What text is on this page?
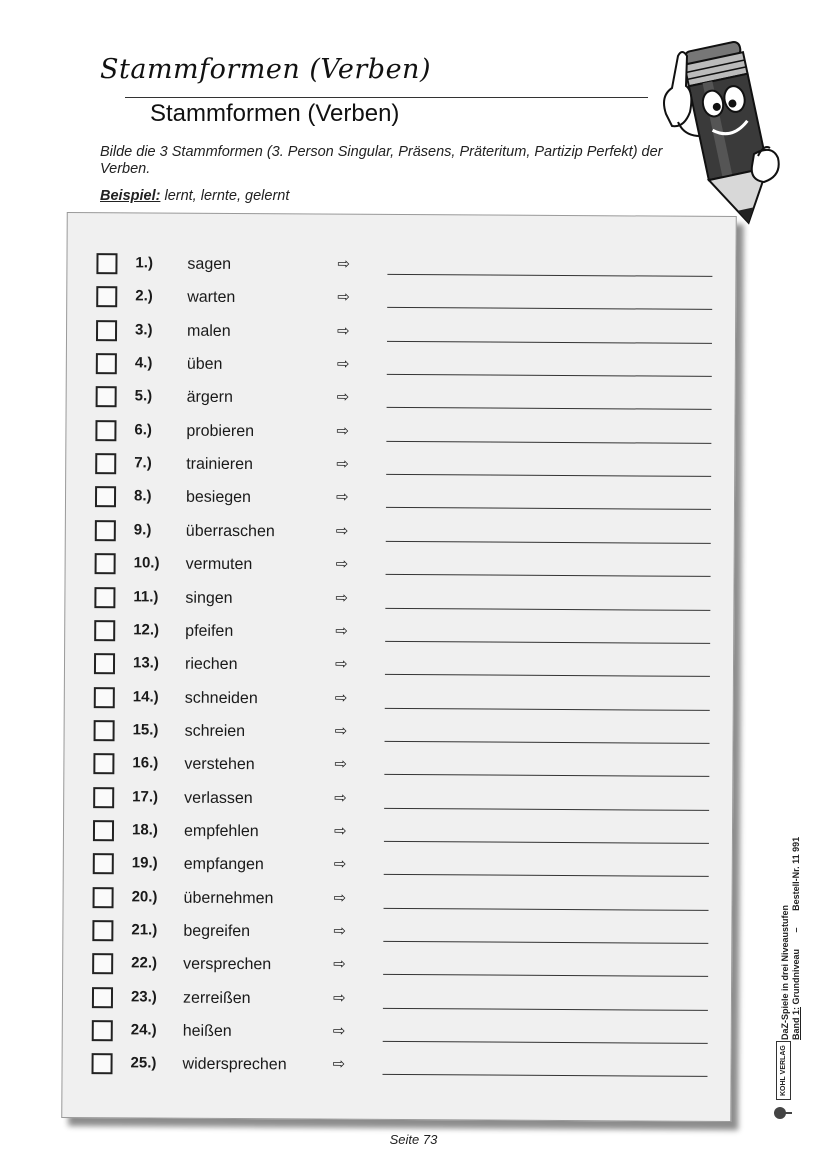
Stammformen (Verben)
Stammformen (Verben)
Bilde die 3 Stammformen (3. Person Singular, Präsens, Präteritum, Partizip Perfekt) der Verben.
Beispiel: lernt, lernte, gelernt
1.) sagen	⇨
2.) warten	⇨
3.) malen	⇨
4.) üben	⇨
5.) ärgern	⇨
6.) probieren	⇨
7.) trainieren	⇨
8.) besiegen	⇨
9.) überraschen	⇨
10.) vermuten	⇨
11.) singen	⇨
12.) pfeifen	⇨
13.) riechen	⇨
14.) schneiden	⇨
15.) schreien	⇨
16.) verstehen	⇨
17.) verlassen	⇨
18.) empfehlen	⇨
19.) empfangen	⇨
20.) übernehmen	⇨
21.) begreifen	⇨
22.) versprechen	⇨
23.) zerreißen	⇨
24.) heißen	⇨
25.) widersprechen	⇨
Seite 73
KOHL VERLAG
DaZ-Spiele in drei Niveaustufen Band 1: Grundniveau – Bestell-Nr. 11 991
